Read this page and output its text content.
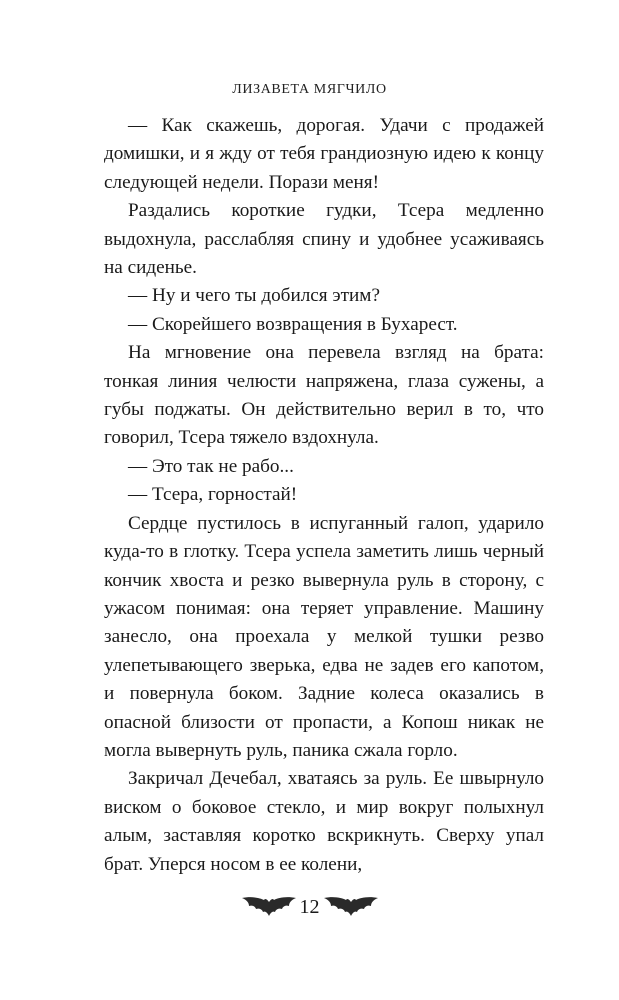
ЛИЗАВЕТА МЯГЧИЛО

— Как скажешь, дорогая. Удачи с продажей домишки, и я жду от тебя грандиозную идею к концу следующей недели. Порази меня!

Раздались короткие гудки, Тсера медленно выдохнула, расслабляя спину и удобнее усаживаясь на сиденье.

— Ну и чего ты добился этим?

— Скорейшего возвращения в Бухарест.

На мгновение она перевела взгляд на брата: тонкая линия челюсти напряжена, глаза сужены, а губы поджаты. Он действительно верил в то, что говорил, Тсера тяжело вздохнула.

— Это так не рабо...

— Тсера, горностай!

Сердце пустилось в испуганный галоп, ударило куда-то в глотку. Тсера успела заметить лишь черный кончик хвоста и резко вывернула руль в сторону, с ужасом понимая: она теряет управление. Машину занесло, она проехала у мелкой тушки резво улепетывающего зверька, едва не задев его капотом, и повернула боком. Задние колеса оказались в опасной близости от пропасти, а Копош никак не могла вывернуть руль, паника сжала горло.

Закричал Дечебал, хватаясь за руль. Ее швырнуло виском о боковое стекло, и мир вокруг полыхнул алым, заставляя коротко вскрикнуть. Сверху упал брат. Уперся носом в ее колени,

12
